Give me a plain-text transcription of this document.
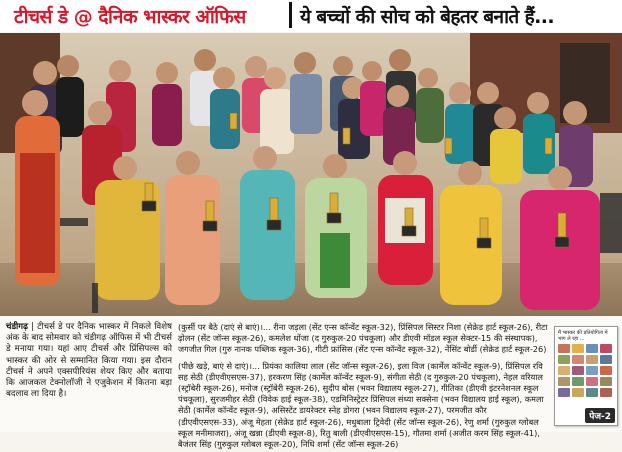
टीचर्स डे @ दैनिक भास्कर ऑफिस	ये बच्चों की सोच को बेहतर बनाते हैं...
चंडीगढ़ | टीचर्स डे पर दैनिक भास्कर में निकले विशेष अंक के बाद सोमवार को चंडीगढ़ ऑफिस में भी टीचर्स डे मनाया गया। यहां आए टीचर्स और प्रिंसिपल्स को भास्कर की ओर से सम्मानित किया गया। इस दौरान टीचर्स ने अपने एक्सपीरियंस शेयर किए और बताया कि आजकल टेक्नोलॉजी ने एजुकेशन में कितना बड़ा बदलाव ला दिया है।

(कुर्सी पर बैठे (दाएं से बाएं)।... रीना जड़ला (सेंट एन्स कॉन्वेंट स्कूल-32), प्रिंसिपल सिस्टर निशा (सेक्रेड हार्ट स्कूल-26), रीटा ढ़ोलन (सेंट जॉन्स स्कूल-26), कमलेश धोंजा (द गुरुकुल-20 पंचकूला) और डीएवी मॉडल स्कूल सेक्टर-15 की संस्थापक), जगजीत गिल (गुरु नानक पब्लिक स्कूल-36), गीटी फ्रांसिस (सेंट एन्स कॉन्वेंट स्कूल-32), नेंसिंट बोर्डी (सेक्रेड हार्ट स्कूल-26)

(पीछे खड़े, बाएं से दाएं)।... प्रियंका कालिया लाल (सेंट जॉन्स स्कूल-26), इला विज (कार्मेल कॉन्वेंट स्कूल-9), प्रिंसिपल रवि सह सेठी (डीएवीएसएस-37), हरकरण सिंह (कार्मेल कॉन्वेंट स्कूल-9), संगीता सेठी (द गुरुकुल-20 पंचकूला), नेहल वरियाल (स्ट्रॉबेरी स्कूल-26), मनोज (स्ट्रॉबेरी स्कूल-26), सुदीप बोस (भवन विद्यालय स्कूल-27), गीतिका (डीएवी इंटरनेशनल स्कूल पंचकूला), सुरजमीहर सेठी (विवेक हाई स्कूल-38), एडमिनिस्ट्रेटर प्रिंसिपल संध्या सक्सेना (भवन विद्यालय हाई स्कूल), कमला सेठी (कार्मेल कॉन्वेंट स्कूल-9), असिस्टेंट डायरेक्टर स्नेह डोगरा (भवन विद्यालय स्कूल-27), परमजीत कौर (डीएवीएसएस-33), अंजू मेहता (सेक्रेड हार्ट स्कूल-26), मधुबाला ट्रिवेदी (सेंट जॉन्स स्कूल-26), रेणु शर्मा (गुरुकुल ग्लोबल स्कूल मनीमाजरा), अंजू खन्ना (डीएवी स्कूल-8), रितु बाली (डीएवीएसएस-15), गौतमा शर्मा (अजीत करम सिंह स्कूल-41), बैजंतर सिंह (गुरुकुल ग्लोबल स्कूल-20), निधि शर्मा (सेंट जॉन्स स्कूल-26)

मैं भास्कर की प्रतियोगिता में भाग ले रहा ...
पेज-2
